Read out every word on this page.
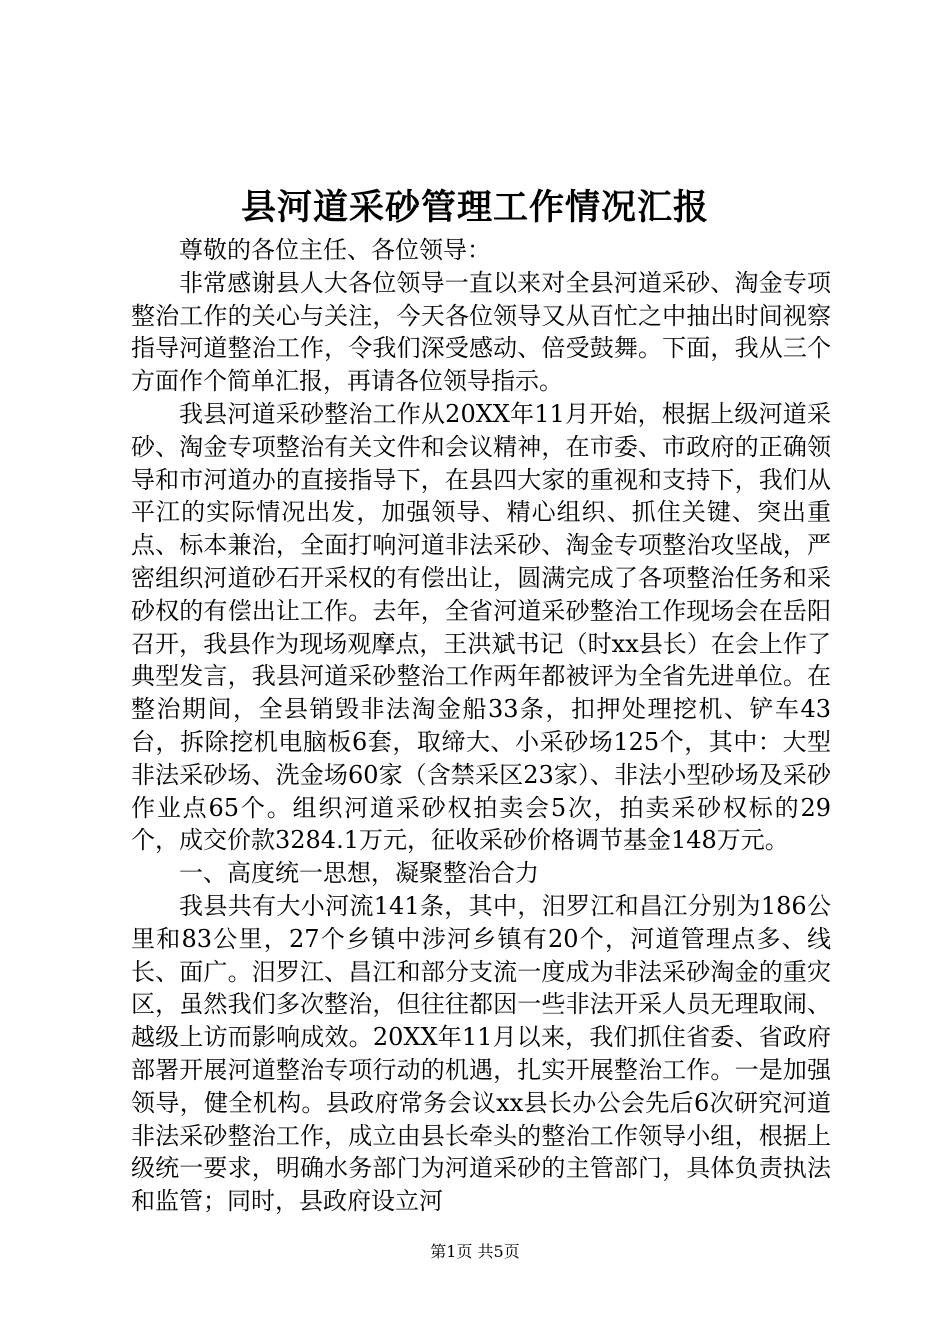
县河道采砂管理工作情况汇报

尊敬的各位主任、各位领导：

非常感谢县人大各位领导一直以来对全县河道采砂、淘金专项整治工作的关心与关注，今天各位领导又从百忙之中抽出时间视察指导河道整治工作，令我们深受感动、倍受鼓舞。下面，我从三个方面作个简单汇报，再请各位领导指示。

我县河道采砂整治工作从20XX年11月开始，根据上级河道采砂、淘金专项整治有关文件和会议精神，在市委、市政府的正确领导和市河道办的直接指导下，在县四大家的重视和支持下，我们从平江的实际情况出发，加强领导、精心组织、抓住关键、突出重点、标本兼治，全面打响河道非法采砂、淘金专项整治攻坚战，严密组织河道砂石开采权的有偿出让，圆满完成了各项整治任务和采砂权的有偿出让工作。去年，全省河道采砂整治工作现场会在岳阳召开，我县作为现场观摩点，王洪斌书记（时xx县长）在会上作了典型发言，我县河道采砂整治工作两年都被评为全省先进单位。在整治期间，全县销毁非法淘金船33条，扣押处理挖机、铲车43台，拆除挖机电脑板6套，取缔大、小采砂场125个，其中：大型非法采砂场、洗金场60家（含禁采区23家）、非法小型砂场及采砂作业点65个。组织河道采砂权拍卖会5次，拍卖采砂权标的29个，成交价款3284.1万元，征收采砂价格调节基金148万元。

一、高度统一思想，凝聚整治合力

我县共有大小河流141条，其中，汨罗江和昌江分别为186公里和83公里，27个乡镇中涉河乡镇有20个，河道管理点多、线长、面广。汨罗江、昌江和部分支流一度成为非法采砂淘金的重灾区，虽然我们多次整治，但往往都因一些非法开采人员无理取闹、越级上访而影响成效。20XX年11月以来，我们抓住省委、省政府部署开展河道整治专项行动的机遇，扎实开展整治工作。一是加强领导，健全机构。县政府常务会议xx县长办公会先后6次研究河道非法采砂整治工作，成立由县长牵头的整治工作领导小组，根据上级统一要求，明确水务部门为河道采砂的主管部门，具体负责执法和监管；同时，县政府设立河

第1页 共5页
